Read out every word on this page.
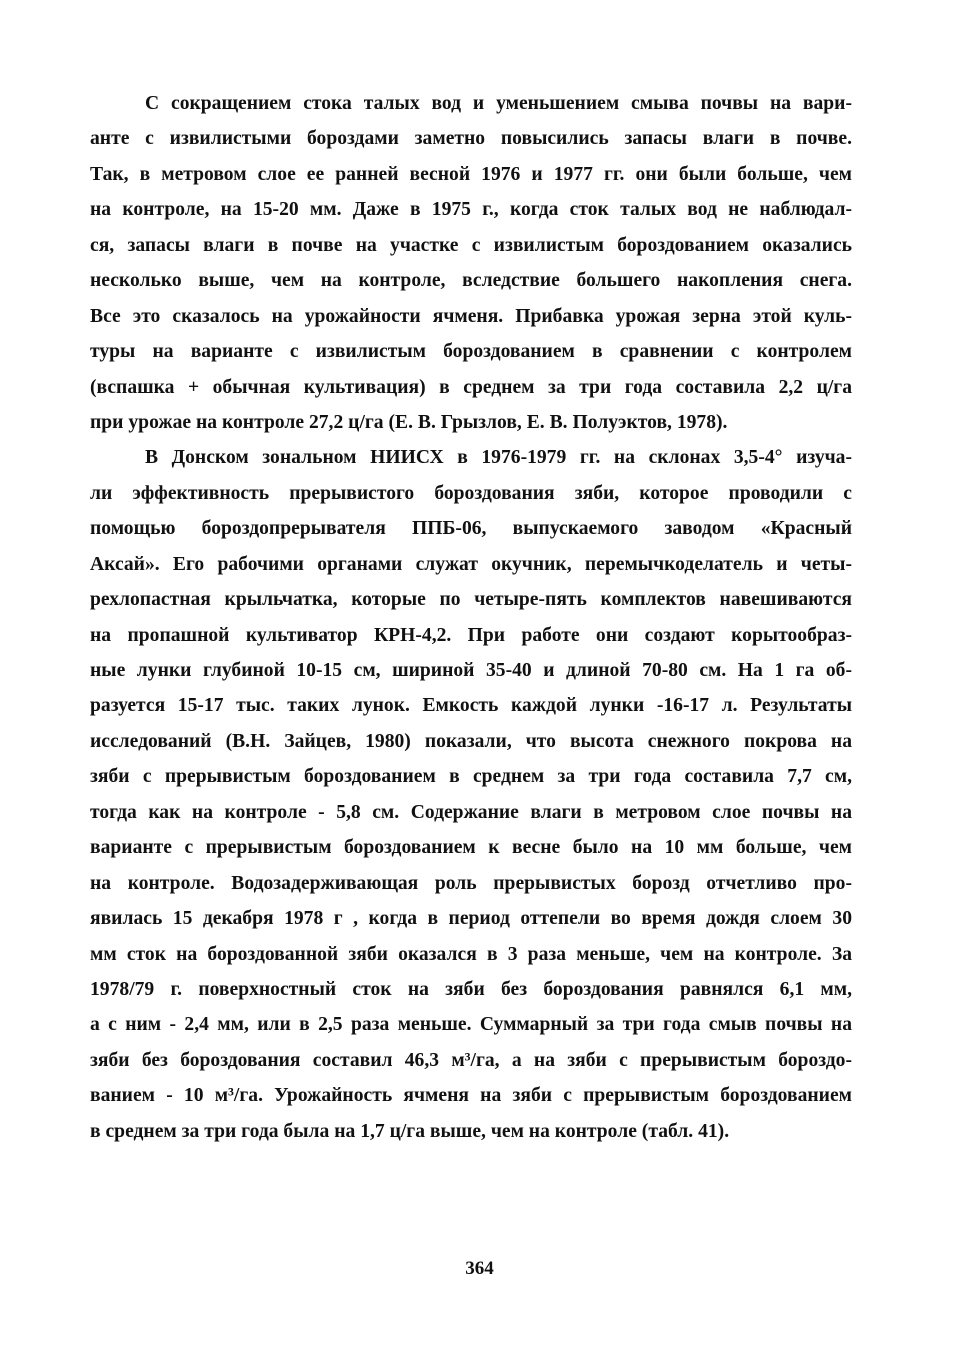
С сокращением стока талых вод и уменьшением смыва почвы на вари-
анте с извилистыми бороздами заметно повысились запасы влаги в почве.
Так, в метровом слое ее ранней весной 1976 и 1977 гг. они были больше, чем
на контроле, на 15-20 мм. Даже в 1975 г., когда сток талых вод не наблюдал-
ся, запасы влаги в почве на участке с извилистым бороздованием оказались
несколько выше, чем на контроле, вследствие большего накопления снега.
Все это сказалось на урожайности ячменя. Прибавка урожая зерна этой куль-
туры на варианте с извилистым бороздованием в сравнении с контролем
(вспашка + обычная культивация) в среднем за три года составила 2,2 ц/га
при урожае на контроле 27,2 ц/га (Е. В. Грызлов, Е. В. Полуэктов, 1978).
В Донском зональном НИИСХ в 1976-1979 гг. на склонах 3,5-4° изуча-
ли эффективность прерывистого бороздования зяби, которое проводили с
помощью бороздопрерывателя ППБ-06, выпускаемого заводом «Красный
Аксай». Его рабочими органами служат окучник, перемычкоделатель и четы-
рехлопастная крыльчатка, которые по четыре-пять комплектов навешиваются
на пропашной культиватор КРН-4,2. При работе они создают корытообраз-
ные лунки глубиной 10-15 см, шириной 35-40 и длиной 70-80 см. На 1 га об-
разуется 15-17 тыс. таких лунок. Емкость каждой лунки -16-17 л. Результаты
исследований (В.Н. Зайцев, 1980) показали, что высота снежного покрова на
зяби с прерывистым бороздованием в среднем за три года составила 7,7 см,
тогда как на контроле - 5,8 см. Содержание влаги в метровом слое почвы на
варианте с прерывистым бороздованием к весне было на 10 мм больше, чем
на контроле. Водозадерживающая роль прерывистых борозд отчетливо про-
явилась 15 декабря 1978 г , когда в период оттепели во время дождя слоем 30
мм сток на бороздованной зяби оказался в 3 раза меньше, чем на контроле. За
1978/79 г. поверхностный сток на зяби без бороздования равнялся 6,1 мм,
а с ним - 2,4 мм, или в 2,5 раза меньше. Суммарный за три года смыв почвы на
зяби без бороздования составил 46,3 м³/га, а на зяби с прерывистым бороздо-
ванием - 10 м³/га. Урожайность ячменя на зяби с прерывистым бороздованием
в среднем за три года была на 1,7 ц/га выше, чем на контроле (табл. 41).
364
